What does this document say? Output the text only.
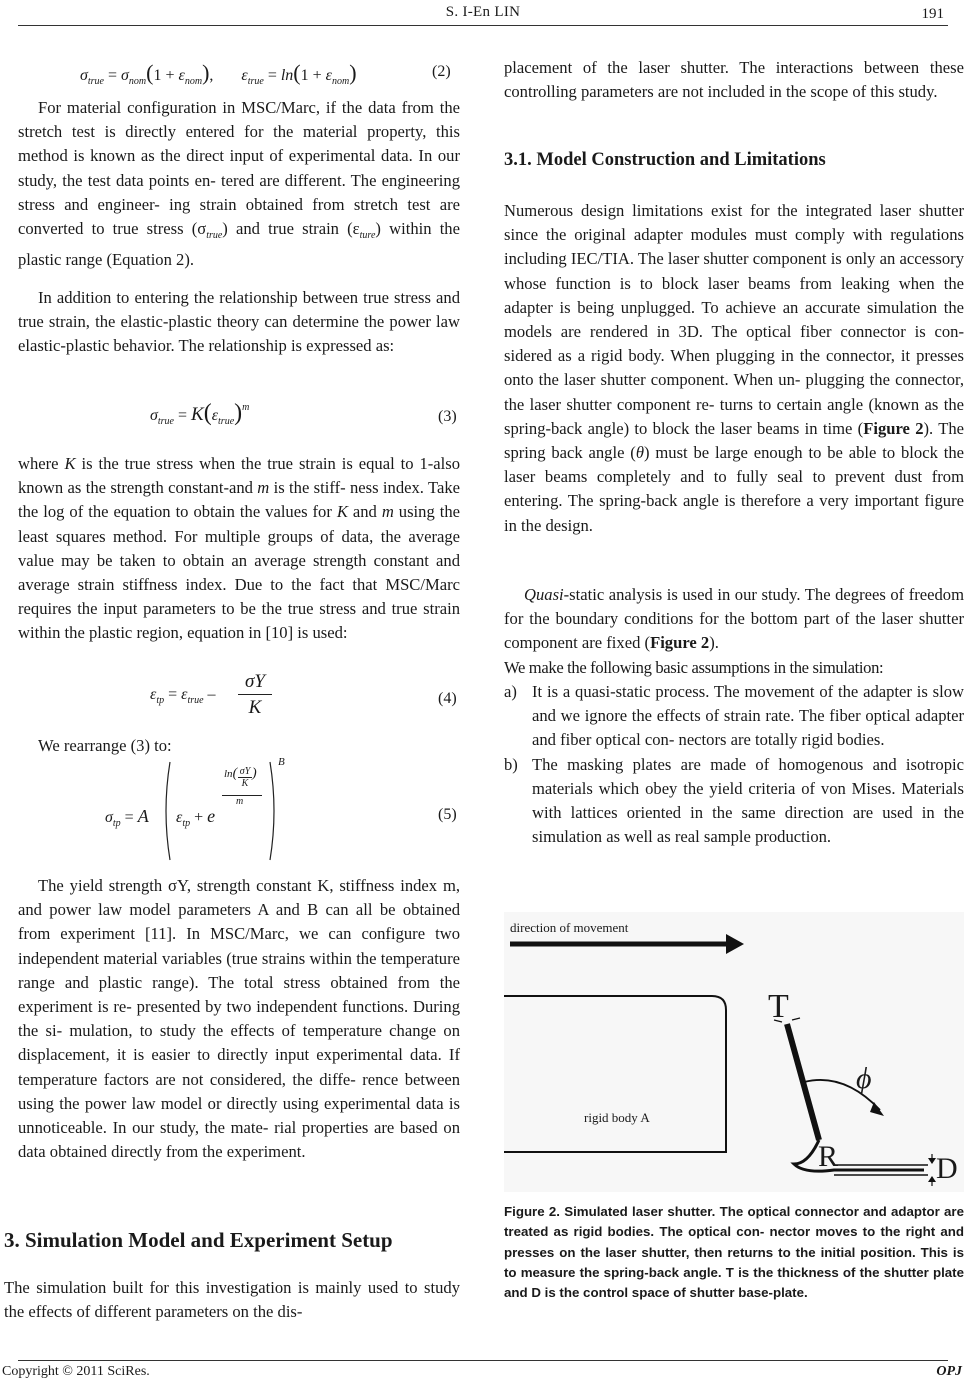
S. I-En LIN	191
$\sigma_{true} = \sigma_{nom}(1 + \varepsilon_{nom})$, $\varepsilon_{true} = \ln(1 + \varepsilon_{nom})$	(2)

For material configuration in MSC/Marc, if the data from the stretch test is directly entered for the material property, this method is known as the direct input of experimental data. In our study, the test data points en- tered are different. The engineering stress and engineer- ing strain obtained from stretch test are converted to true stress $(\sigma_{true})$ and true strain $(\varepsilon_{ture})$ within the plastic range (Equation 2).

In addition to entering the relationship between true stress and true strain, the elastic-plastic theory can determine the power law elastic-plastic behavior. The relationship is expressed as:

$\sigma_{true} = K(\varepsilon_{true})^m$
(3)

where K is the true stress when the true strain is equal to 1-also known as the strength constant-and m is the stiff- ness index. Take the log of the equation to obtain the values for K and m using the least squares method. For multiple groups of data, the average value may be taken to obtain an average strength constant and average strain stiffness index. Due to the fact that MSC/Marc requires the input parameters to be the true stress and true strain within the plastic region, equation in [10] is used:

$\varepsilon_{tp} = \varepsilon_{true}$ –
σY
K	(4)

We rearrange (3) to:

$\sigma_{tp} = A$ $\varepsilon_{tp} + e$
ln( σY
K
)
m
B
(5)

The yield strength σY, strength constant K, stiffness index m, and power law model parameters A and B can all be obtained from experiment [11]. In MSC/Marc, we can configure two independent material variables (true strains within the temperature range and plastic range). The total stress obtained from the experiment is re- presented by two independent functions. During the si- mulation, to study the effects of temperature change on displacement, it is easier to directly input experimental data. If temperature factors are not considered, the diffe- rence between using the power law model or directly using experimental data is unnoticeable. In our study, the mate- rial properties are based on data obtained directly from the experiment.

3. Simulation Model and Experiment Setup

The simulation built for this investigation is mainly used to study the effects of different parameters on the dis-

placement of the laser shutter. The interactions between these controlling parameters are not included in the scope of this study.

3.1. Model Construction and Limitations

Numerous design limitations exist for the integrated laser shutter since the original adapter modules must comply with regulations including IEC/TIA. The laser shutter component is only an accessory whose function is to block laser beams from leaking when the adapter is being unplugged. To achieve an accurate simulation the models are rendered in 3D. The optical fiber connector is con- sidered as a rigid body. When plugging in the connector, it presses onto the laser shutter component. When un- plugging the connector, the laser shutter component re- turns to certain angle (known as the spring-back angle) to block the laser beams in time (Figure 2). The spring back angle (θ) must be large enough to be able to block the laser beams completely and to fully seal to prevent dust from entering. The spring-back angle is therefore a very important figure in the design.

Quasi-static analysis is used in our study. The degrees of freedom for the boundary conditions for the bottom part of the laser shutter component are fixed (Figure 2).

We make the following basic assumptions in the simulation:

a) It is a quasi-static process. The movement of the adapter is slow and we ignore the effects of strain rate. The fiber optical adapter and fiber optical con- nectors are totally rigid bodies.
b) The masking plates are made of homogenous and isotropic materials which obey the yield criteria of von Mises. Materials with lattices oriented in the same direction are used in the simulation as well as real sample production.
direction of movement
rigid body A
T
ϕ
R	D
Figure 2. Simulated laser shutter. The optical connector and adaptor are treated as rigid bodies. The optical con- nector moves to the right and presses on the laser shutter, then returns to the initial position. This is to measure the spring-back angle. T is the thickness of the shutter plate and D is the control space of shutter base-plate.
Copyright © 2011 SciRes.	OPJ
